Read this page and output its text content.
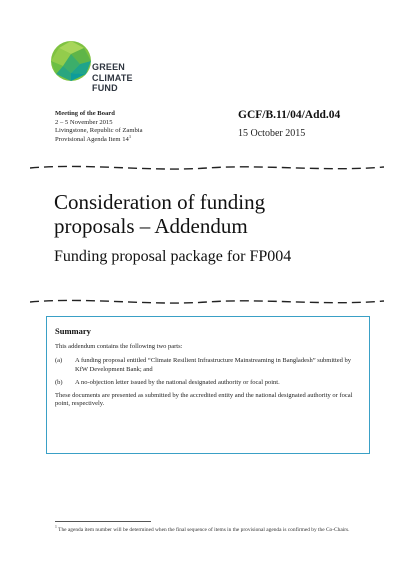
GREEN
CLIMATE
FUND
Meeting of the Board
2 – 5 November 2015
Livingstone, Republic of Zambia
Provisional Agenda Item $14^1$
GCF/B.11/04/Add.04
15 October 2015
Consideration of funding
proposals – Addendum
Funding proposal package for FP004
Summary

This addendum contains the following two parts:

(a)	A funding proposal entitled “Climate Resilient Infrastructure Mainstreaming in Bangladesh” submitted by KfW Development Bank; and
(b)	A no-objection letter issued by the national designated authority or focal point.

These documents are presented as submitted by the accredited entity and the national designated authority or focal point, respectively.

$^1$ The agenda item number will be determined when the final sequence of items in the provisional agenda is confirmed by the Co-Chairs.
